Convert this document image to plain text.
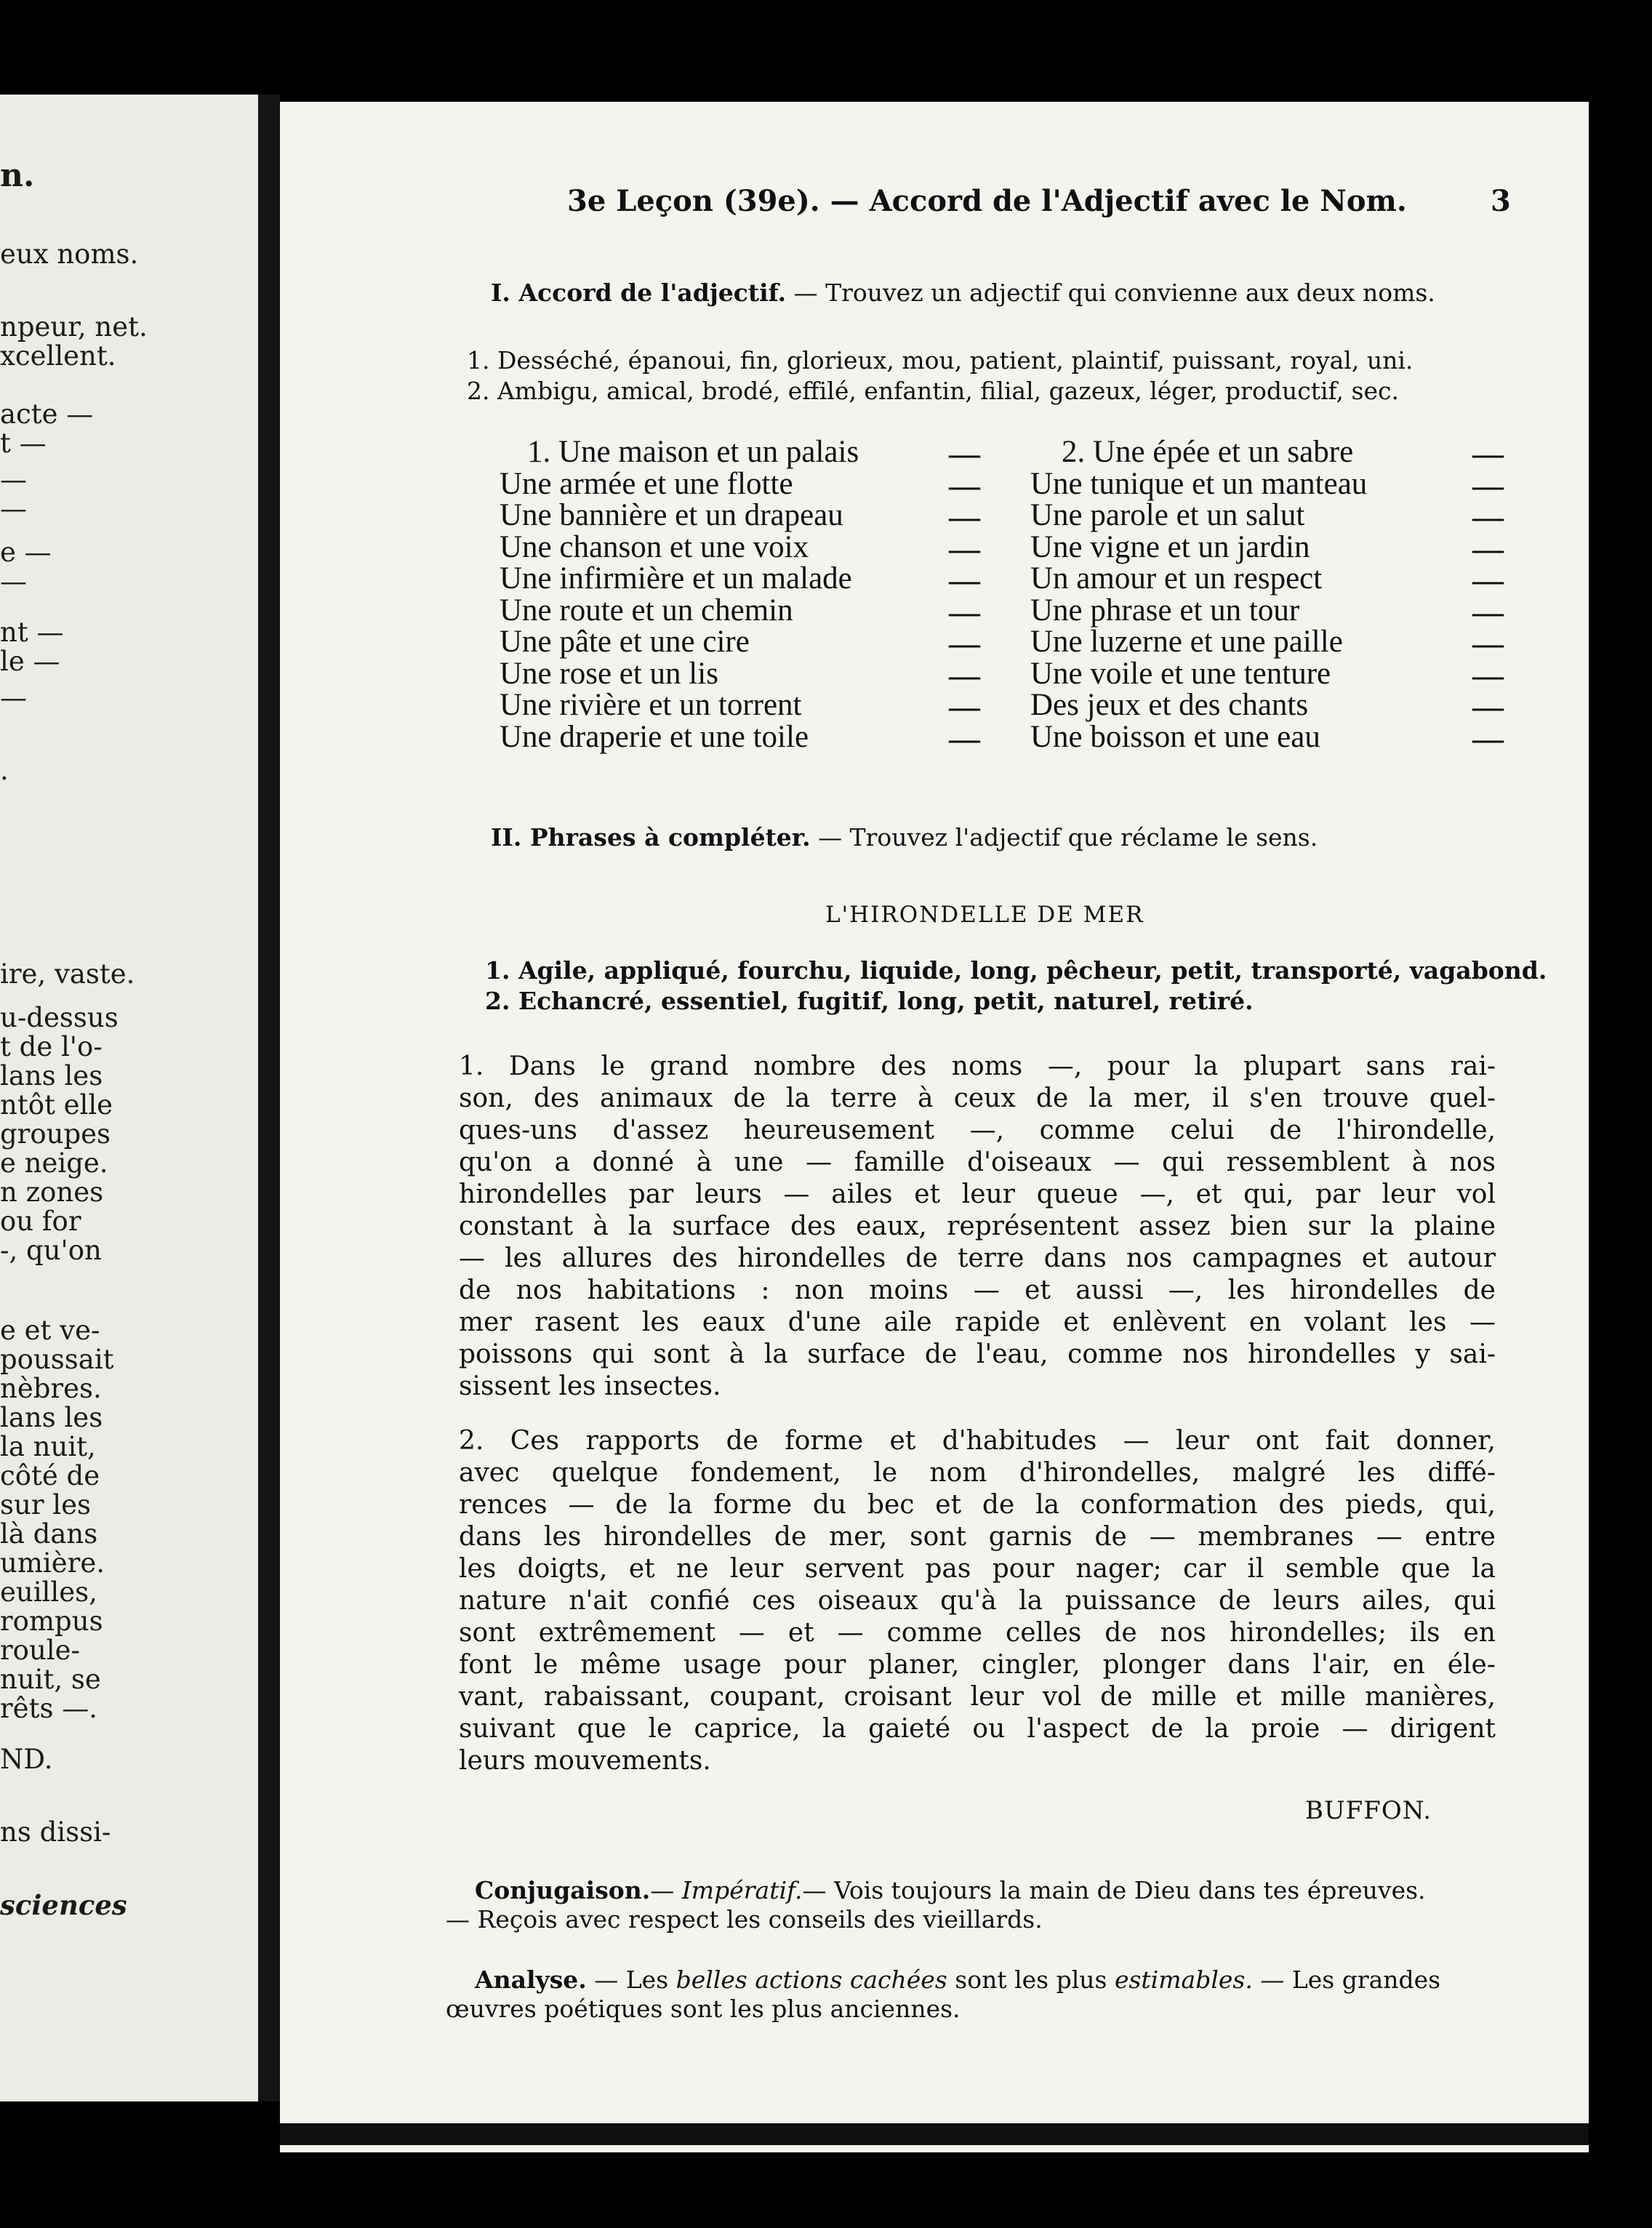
n.
eux noms.
npeur, net.
xcellent.
acte —
t —
—
—
e —
—
nt —
le —
—
.
ire, vaste.
u-dessus
t de l'o-
lans les
ntôt elle
groupes
e neige.
n zones
ou for
-, qu'on
e et ve-
poussait
nèbres.
lans les
la nuit,
côté de
sur les
là dans
umière.
euilles,
rompus
roule-
nuit, se
rêts —.
ND.
ns dissi-
sciences
3e Leçon (39e). — Accord de l'Adjectif avec le Nom.	3
I. Accord de l'adjectif. — Trouvez un adjectif qui convienne aux deux noms.
1. Desséché, épanoui, fin, glorieux, mou, patient, plaintif, puissant, royal, uni.
2. Ambigu, amical, brodé, effilé, enfantin, filial, gazeux, léger, productif, sec.
1. Une maison et un palais	—
Une armée et une flotte	—
Une bannière et un drapeau	—
Une chanson et une voix	—
Une infirmière et un malade	—
Une route et un chemin	—
Une pâte et une cire	—
Une rose et un lis	—
Une rivière et un torrent	—
Une draperie et une toile	—
2. Une épée et un sabre	—
Une tunique et un manteau	—
Une parole et un salut	—
Une vigne et un jardin	—
Un amour et un respect	—
Une phrase et un tour	—
Une luzerne et une paille	—
Une voile et une tenture	—
Des jeux et des chants	—
Une boisson et une eau	—
II. Phrases à compléter. — Trouvez l'adjectif que réclame le sens.
L'HIRONDELLE DE MER
1. Agile, appliqué, fourchu, liquide, long, pêcheur, petit, transporté, vagabond.
2. Echancré, essentiel, fugitif, long, petit, naturel, retiré.
1. Dans le grand nombre des noms —, pour la plupart sans rai-
son, des animaux de la terre à ceux de la mer, il s'en trouve quel-
ques-uns d'assez heureusement —, comme celui de l'hirondelle,
qu'on a donné à une — famille d'oiseaux — qui ressemblent à nos
hirondelles par leurs — ailes et leur queue —, et qui, par leur vol
constant à la surface des eaux, représentent assez bien sur la plaine
— les allures des hirondelles de terre dans nos campagnes et autour
de nos habitations : non moins — et aussi —, les hirondelles de
mer rasent les eaux d'une aile rapide et enlèvent en volant les —
poissons qui sont à la surface de l'eau, comme nos hirondelles y sai-
sissent les insectes.
2. Ces rapports de forme et d'habitudes — leur ont fait donner,
avec quelque fondement, le nom d'hirondelles, malgré les diffé-
rences — de la forme du bec et de la conformation des pieds, qui,
dans les hirondelles de mer, sont garnis de — membranes — entre
les doigts, et ne leur servent pas pour nager; car il semble que la
nature n'ait confié ces oiseaux qu'à la puissance de leurs ailes, qui
sont extrêmement — et — comme celles de nos hirondelles; ils en
font le même usage pour planer, cingler, plonger dans l'air, en éle-
vant, rabaissant, coupant, croisant leur vol de mille et mille manières,
suivant que le caprice, la gaieté ou l'aspect de la proie — dirigent
leurs mouvements.
BUFFON.
Conjugaison.— Impératif.— Vois toujours la main de Dieu dans tes épreuves.
— Reçois avec respect les conseils des vieillards.
Analyse. — Les belles actions cachées sont les plus estimables. — Les grandes
œuvres poétiques sont les plus anciennes.
